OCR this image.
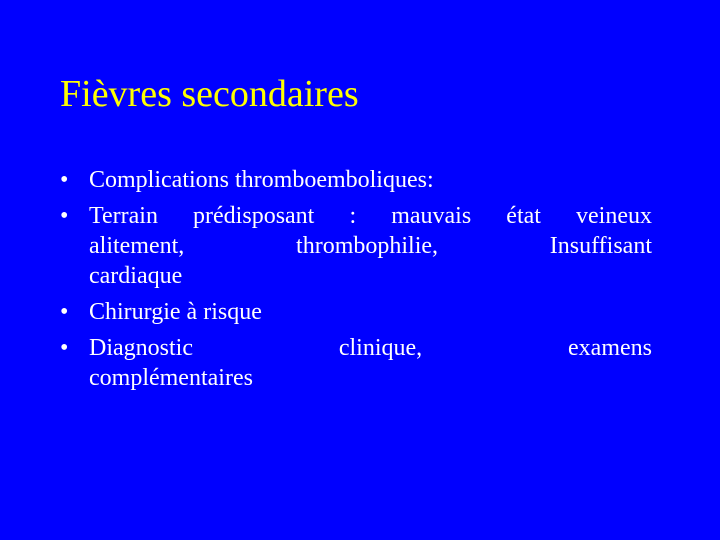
Fièvres secondaires
• Complications thromboemboliques:
• Terrain prédisposant : mauvais état veineux
alitement, thrombophilie, Insuffisant
cardiaque
• Chirurgie à risque
• Diagnostic clinique, examens
complémentaires
